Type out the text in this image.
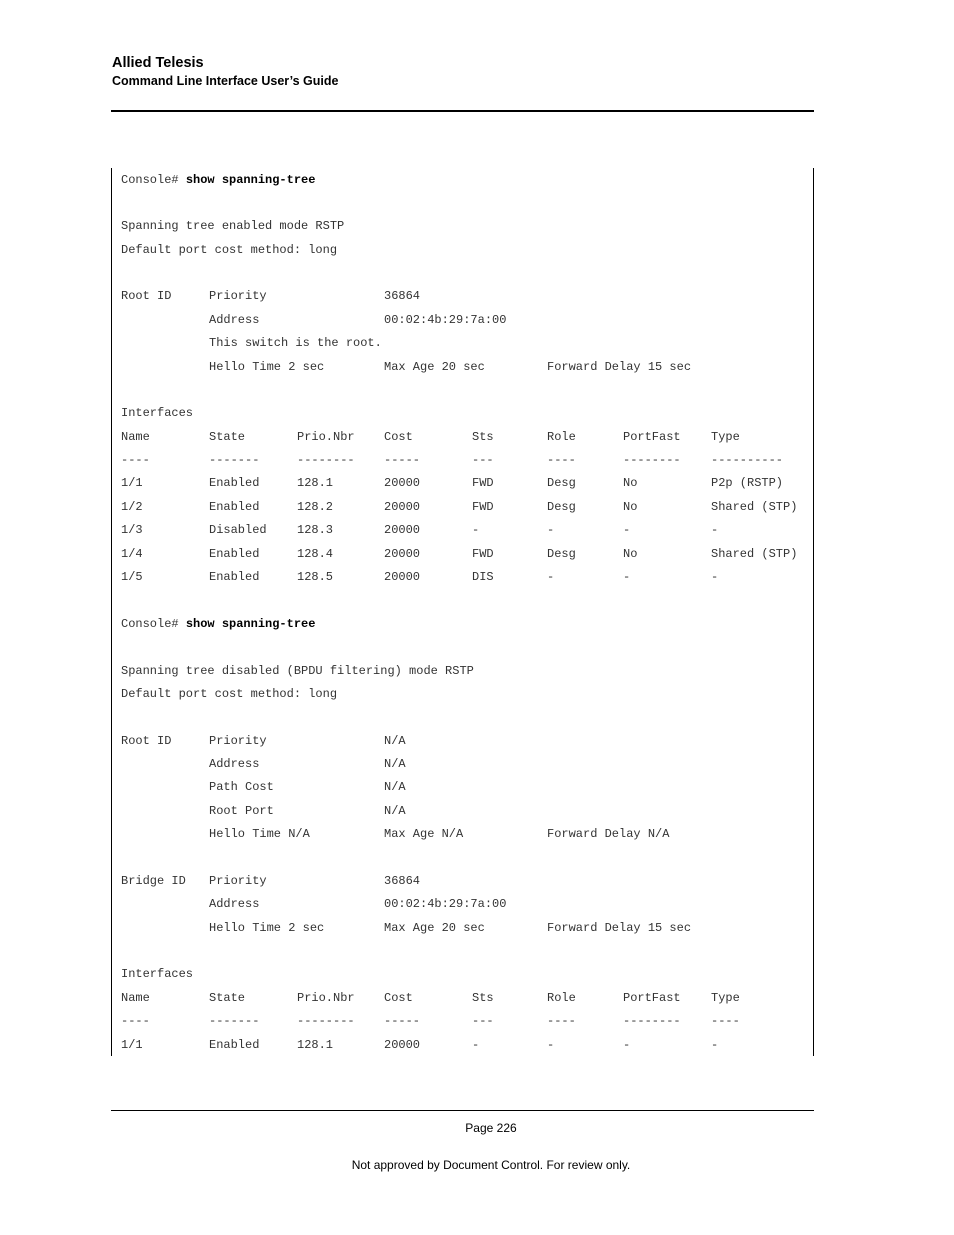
Allied Telesis
Command Line Interface User’s Guide
Console# show spanning-tree
Spanning tree enabled mode RSTP
Default port cost method: long
Root ID	Priority	36864
Address	00:02:4b:29:7a:00
This switch is the root.
Hello Time 2 sec	Max Age 20 sec	Forward Delay 15 sec
Interfaces
Name	State	Prio.Nbr Cost	Sts	Role	PortFast	Type
----	-------	-------- -----	---	----	--------	----------
1/1	Enabled	128.1	20000	FWD	Desg	No	P2p (RSTP)
1/2	Enabled	128.2	20000	FWD	Desg	No	Shared (STP)
1/3	Disabled	128.3	20000	-	-	-	-
1/4	Enabled	128.4	20000	FWD	Desg	No	Shared (STP)
1/5	Enabled	128.5	20000	DIS	-	-	-
Console# show spanning-tree
Spanning tree disabled (BPDU filtering) mode RSTP
Default port cost method: long
Root ID	Priority	N/A
Address	N/A
Path Cost	N/A
Root Port	N/A
Hello Time N/A	Max Age N/A	Forward Delay N/A
Bridge ID Priority	36864
Address	00:02:4b:29:7a:00
Hello Time 2 sec	Max Age 20 sec	Forward Delay 15 sec
Interfaces
Name	State	Prio.Nbr Cost	Sts	Role	PortFast	Type
----	-------	-------- -----	---	----	--------	----
1/1	Enabled	128.1	20000	-	-	-	-
Page 226
Not approved by Document Control. For review only.
